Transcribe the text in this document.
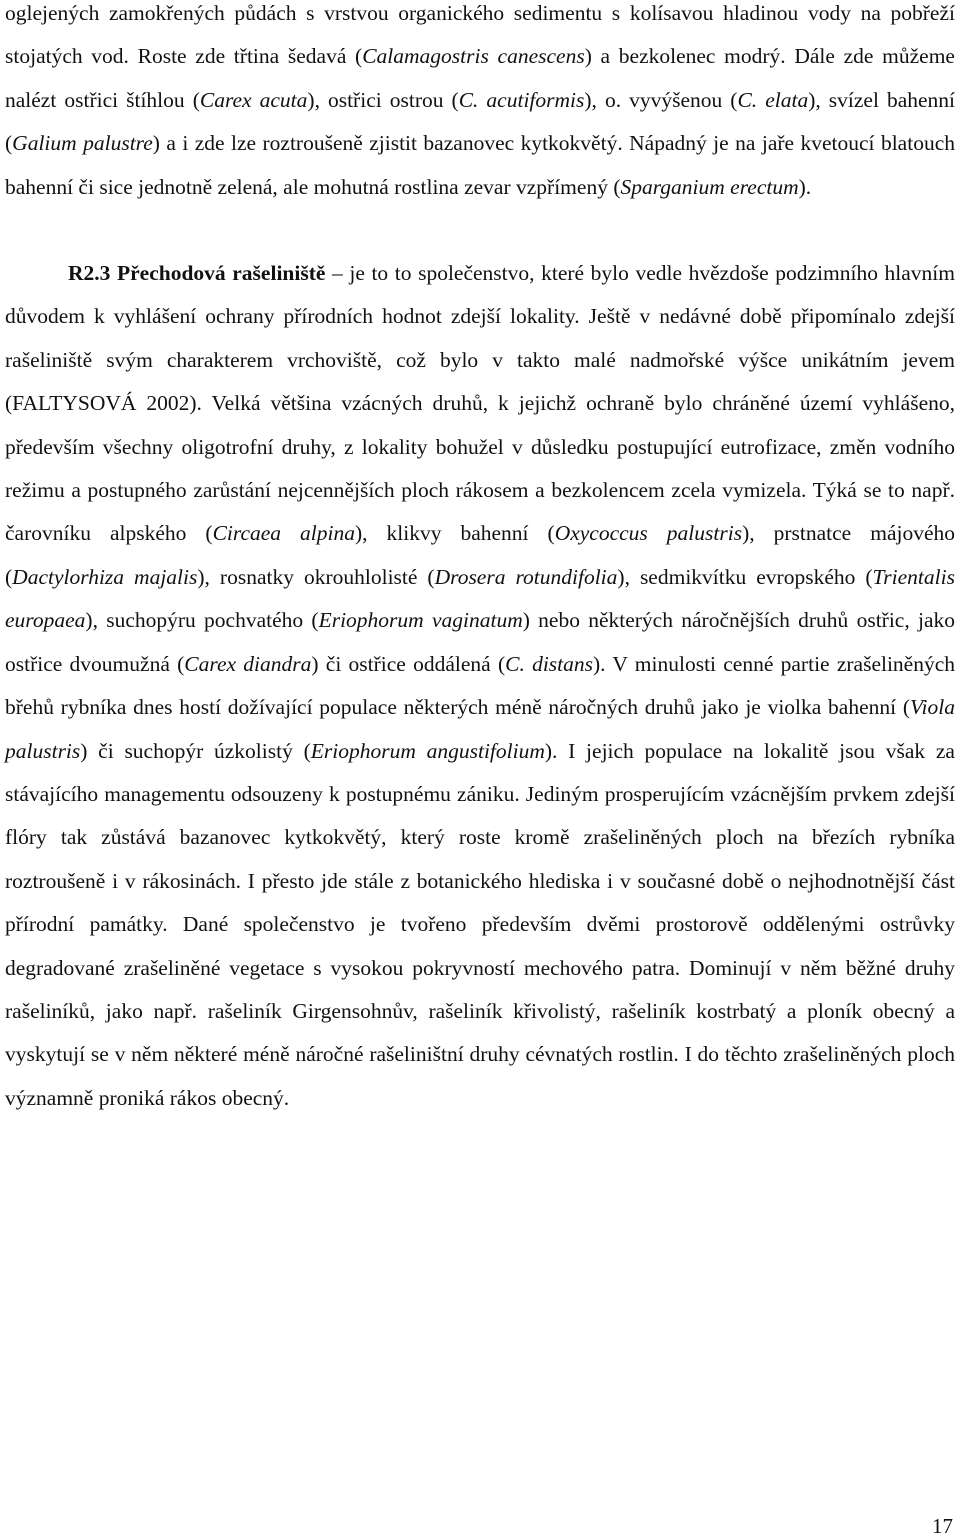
oglejených zamokřených půdách s vrstvou organického sedimentu s kolísavou hladinou vody na pobřeží stojatých vod. Roste zde třtina šedavá (Calamagostris canescens) a bezkolenec modrý. Dále zde můžeme nalézt ostřici štíhlou (Carex acuta), ostřici ostrou (C. acutiformis), o. vyvýšenou (C. elata), svízel bahenní (Galium palustre) a i zde lze roztroušeně zjistit bazanovec kytkokvětý. Nápadný je na jaře kvetoucí blatouch bahenní či sice jednotně zelená, ale mohutná rostlina zevar vzpřímený (Sparganium erectum).

R2.3 Přechodová rašeliniště – je to to společenstvo, které bylo vedle hvězdoše podzimního hlavním důvodem k vyhlášení ochrany přírodních hodnot zdejší lokality. Ještě v nedávné době připomínalo zdejší rašeliniště svým charakterem vrchoviště, což bylo v takto malé nadmořské výšce unikátním jevem (FALTYSOVÁ 2002). Velká většina vzácných druhů, k jejichž ochraně bylo chráněné území vyhlášeno, především všechny oligotrofní druhy, z lokality bohužel v důsledku postupující eutrofizace, změn vodního režimu a postupného zarůstání nejcennějších ploch rákosem a bezkolencem zcela vymizela. Týká se to např. čarovníku alpského (Circaea alpina), klikvy bahenní (Oxycoccus palustris), prstnatce májového (Dactylorhiza majalis), rosnatky okrouhlolisté (Drosera rotundifolia), sedmikvítku evropského (Trientalis europaea), suchopýru pochvatého (Eriophorum vaginatum) nebo některých náročnějších druhů ostřic, jako ostřice dvoumužná (Carex diandra) či ostřice oddálená (C. distans). V minulosti cenné partie zrašeliněných břehů rybníka dnes hostí dožívající populace některých méně náročných druhů jako je violka bahenní (Viola palustris) či suchopýr úzkolistý (Eriophorum angustifolium). I jejich populace na lokalitě jsou však za stávajícího managementu odsouzeny k postupnému zániku. Jediným prosperujícím vzácnějším prvkem zdejší flóry tak zůstává bazanovec kytkokvětý, který roste kromě zrašeliněných ploch na březích rybníka roztroušeně i v rákosinách. I přesto jde stále z botanického hlediska i v současné době o nejhodnotnější část přírodní památky. Dané společenstvo je tvořeno především dvěmi prostorově oddělenými ostrůvky degradované zrašeliněné vegetace s vysokou pokryvností mechového patra. Dominují v něm běžné druhy rašeliníků, jako např. rašeliník Girgensohnův, rašeliník křivolistý, rašeliník kostrbatý a ploník obecný a vyskytují se v něm některé méně náročné rašeliništní druhy cévnatých rostlin. I do těchto zrašeliněných ploch významně proniká rákos obecný.

17
